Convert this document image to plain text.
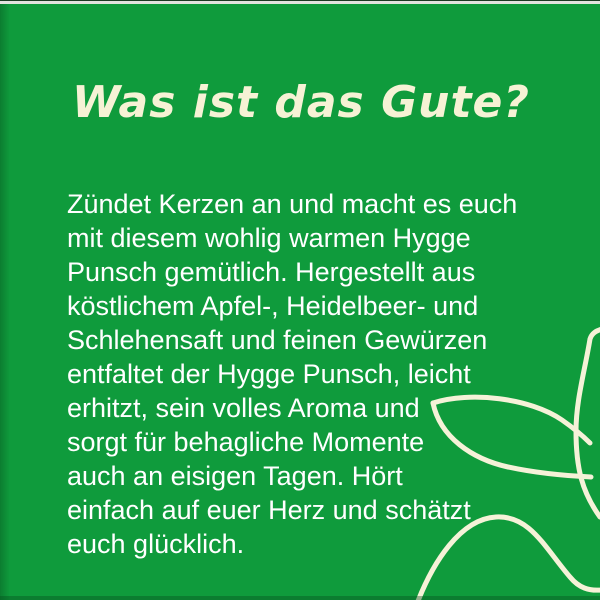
Was ist das Gute?
Zündet Kerzen an und macht es euch
mit diesem wohlig warmen Hygge
Punsch gemütlich. Hergestellt aus
köstlichem Apfel-, Heidelbeer- und
Schlehensaft und feinen Gewürzen
entfaltet der Hygge Punsch, leicht
erhitzt, sein volles Aroma und
sorgt für behagliche Momente
auch an eisigen Tagen. Hört
einfach auf euer Herz und schätzt
euch glücklich.
